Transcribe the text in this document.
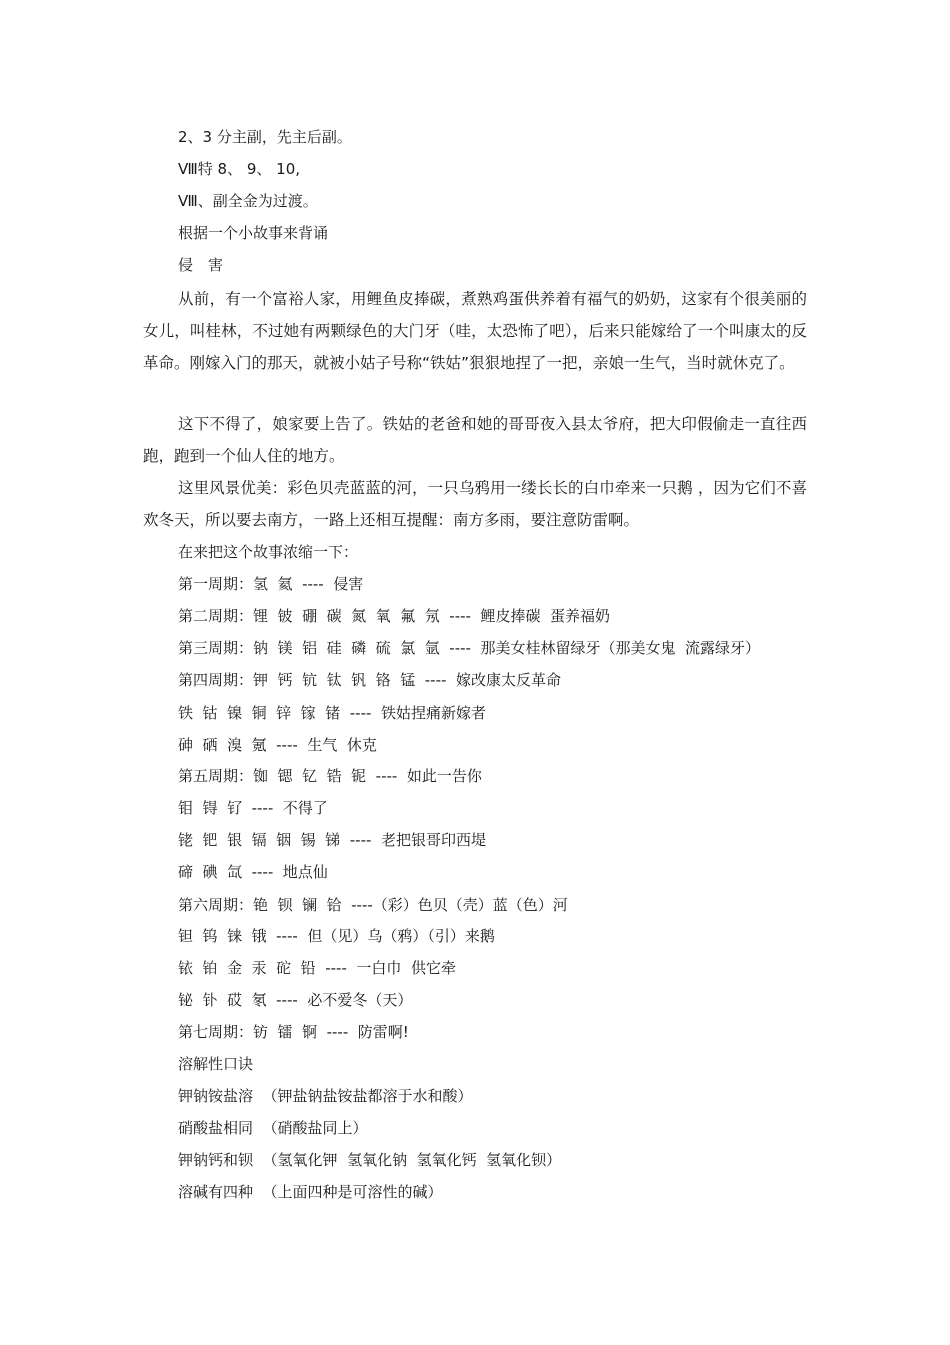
2、3 分主副，先主后副。
Ⅷ特 8、 9、 10,
Ⅷ、副全金为过渡。
根据一个小故事来背诵
侵　害
从前，有一个富裕人家，用鲤鱼皮捧碳，煮熟鸡蛋供养着有福气的奶奶，这家有个很美丽的女儿，叫桂林，不过她有两颗绿色的大门牙（哇，太恐怖了吧），后来只能嫁给了一个叫康太的反革命。刚嫁入门的那天，就被小姑子号称“铁姑”狠狠地捏了一把，亲娘一生气，当时就休克了。
这下不得了，娘家要上告了。铁姑的老爸和她的哥哥夜入县太爷府，把大印假偷走一直往西跑，跑到一个仙人住的地方。
这里风景优美：彩色贝壳蓝蓝的河，一只乌鸦用一缕长长的白巾牵来一只鹅 ，因为它们不喜欢冬天，所以要去南方，一路上还相互提醒：南方多雨，要注意防雷啊。
在来把这个故事浓缩一下：
第一周期：氢  氦  ----  侵害
第二周期：锂  铍  硼  碳  氮  氧  氟  氖  ----  鲤皮捧碳  蛋养福奶
第三周期：钠  镁  铝  硅  磷  硫  氯  氩  ----  那美女桂林留绿牙（那美女鬼  流露绿牙）
第四周期：钾  钙  钪  钛  钒  铬  锰  ----  嫁改康太反革命
铁  钴  镍  铜  锌  镓  锗  ----  铁姑捏痛新嫁者
砷  硒  溴  氪  ----  生气  休克
第五周期：铷  锶  钇  锆  铌  ----  如此一告你
钼  锝  钌  ----  不得了
铑  钯  银  镉  铟  锡  锑  ----  老把银哥印西堤
碲  碘  氙  ----  地点仙
第六周期：铯  钡  镧  铪  ----（彩）色贝（壳）蓝（色）河
钽  钨  铼  锇  ----  但（见）乌（鸦）（引）来鹅
铱  铂  金  汞  砣  铅  ----  一白巾  供它牵
铋  钋  砹  氡  ----  必不爱冬（天）
第七周期：钫  镭  锕  ----  防雷啊!
溶解性口诀
钾钠铵盐溶  （钾盐钠盐铵盐都溶于水和酸）
硝酸盐相同  （硝酸盐同上）
钾钠钙和钡  （氢氧化钾  氢氧化钠  氢氧化钙  氢氧化钡）
溶碱有四种  （上面四种是可溶性的碱）
